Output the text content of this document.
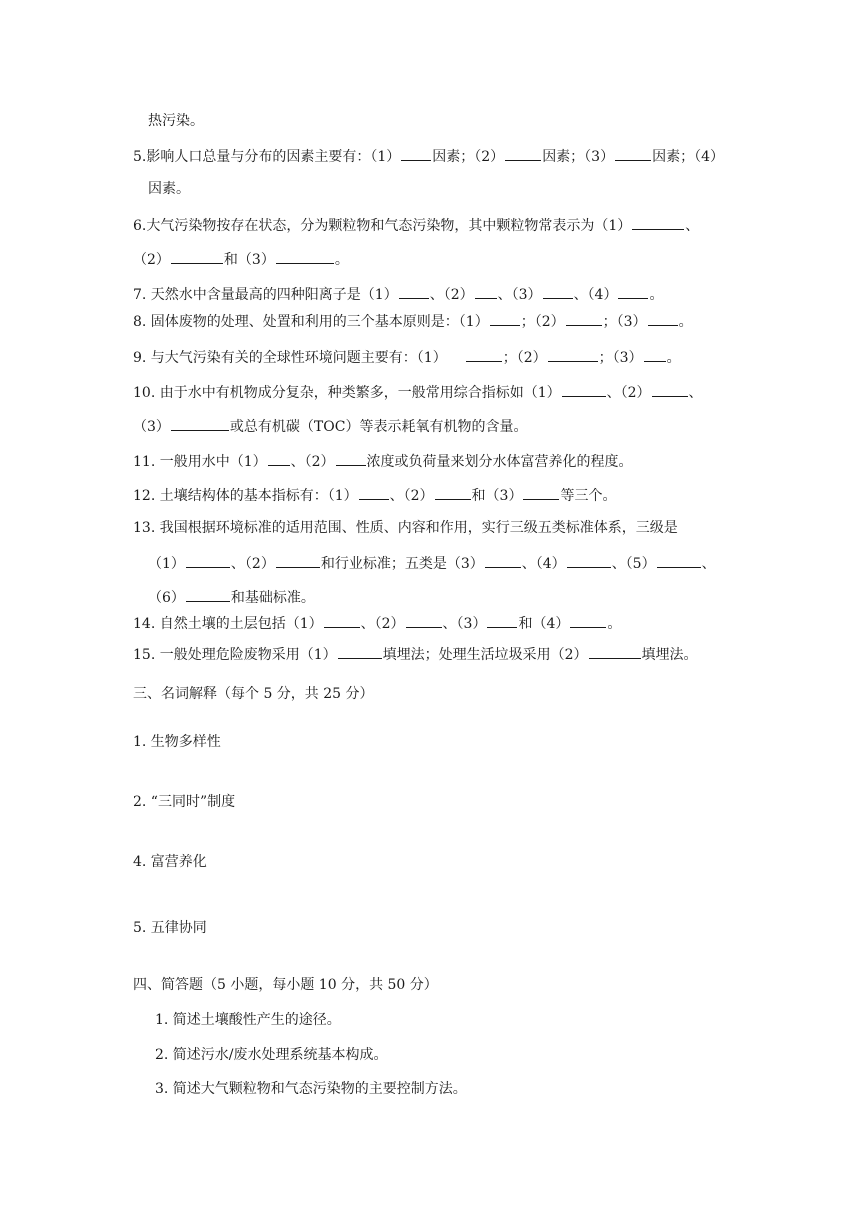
热污染。
5.影响人口总量与分布的因素主要有：（1） 因素；（2）	因素；（3）	因素；（4）
因素。
6.大气污染物按存在状态，分为颗粒物和气态污染物，其中颗粒物常表示为（1）	、
（2）	和（3）	。
7. 天然水中含量最高的四种阳离子是（1） 、（2） 、（3） 、（4） 。
8. 固体废物的处理、处置和利用的三个基本原则是：（1） ；（2）	；（3） 。
9. 与大气污染有关的全球性环境问题主要有：（1）	；（2）	；（3） 。
10. 由于水中有机物成分复杂，种类繁多，一般常用综合指标如（1）	、（2）	、
（3）	或总有机碳（TOC）等表示耗氧有机物的含量。
11. 一般用水中（1） 、（2） 浓度或负荷量来划分水体富营养化的程度。
12. 土壤结构体的基本指标有：（1） 、（2）	和（3）	等三个。
13. 我国根据环境标准的适用范围、性质、内容和作用，实行三级五类标准体系，三级是
（1）	、（2）	和行业标准；五类是（3）	、（4）	、（5）	、
（6）	和基础标准。
14. 自然土壤的土层包括（1）	、（2）	、（3） 和（4）	。
15. 一般处理危险废物采用（1）	填埋法；处理生活垃圾采用（2）	填埋法。
三、名词解释（每个 5 分，共 25 分）
1. 生物多样性
2. “三同时”制度
4. 富营养化
5. 五律协同
四、简答题（5 小题，每小题 10 分，共 50 分）
1. 简述土壤酸性产生的途径。
2. 简述污水/废水处理系统基本构成。
3. 简述大气颗粒物和气态污染物的主要控制方法。
